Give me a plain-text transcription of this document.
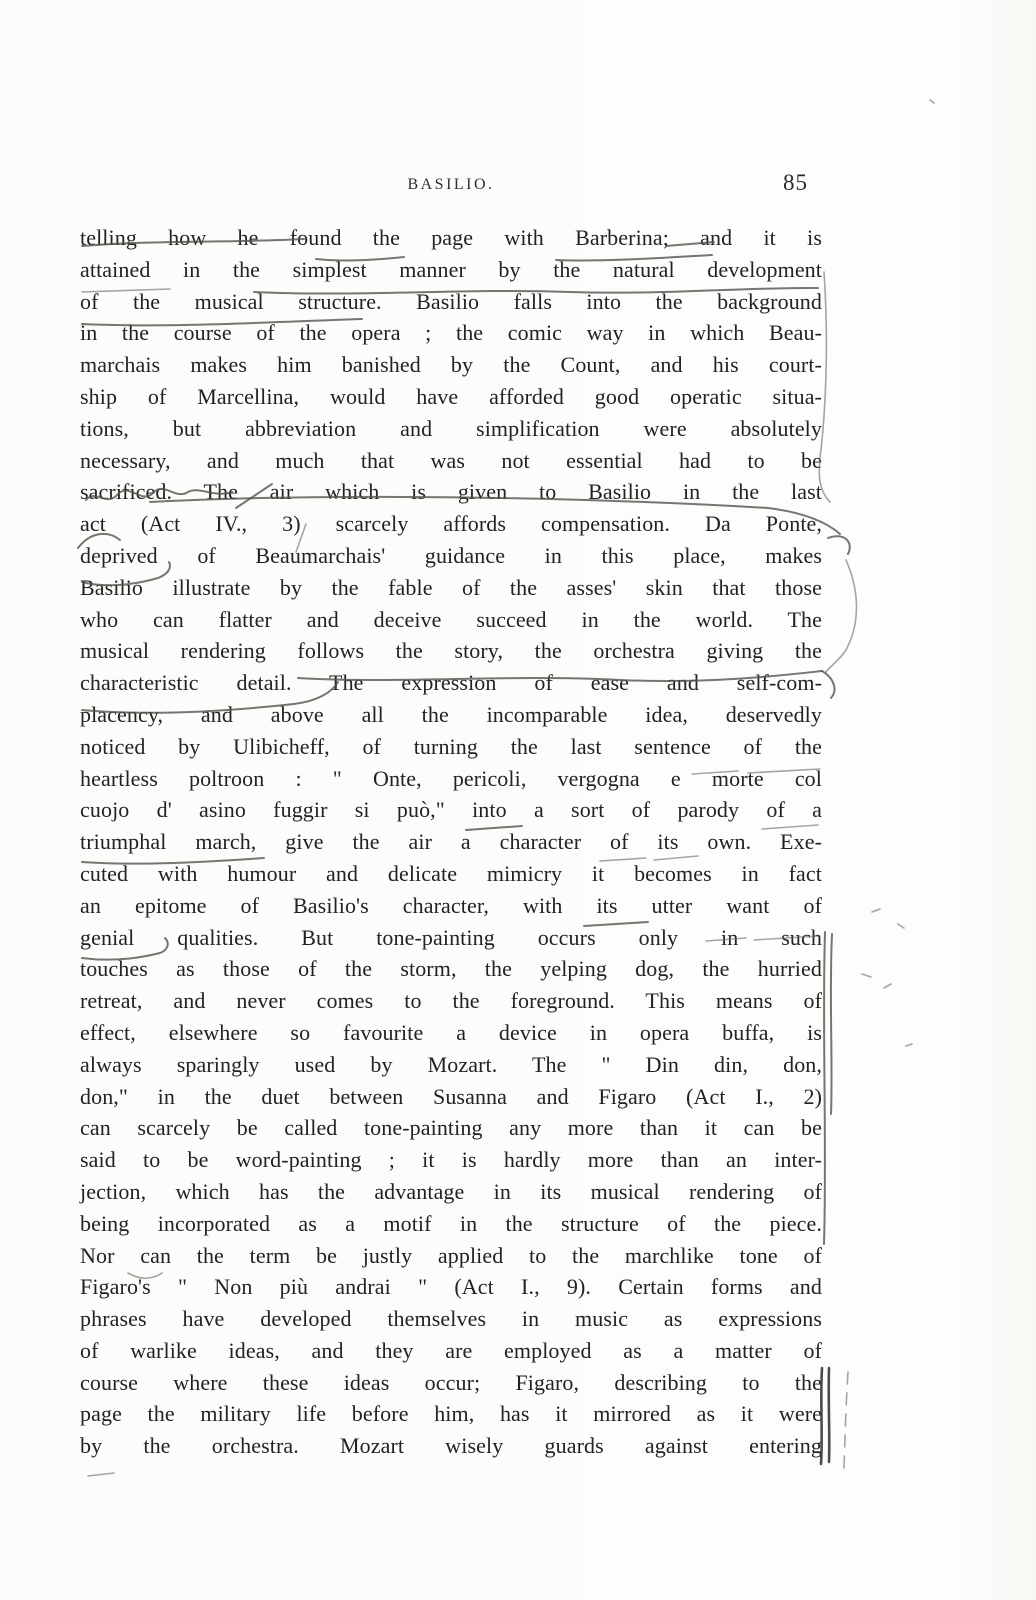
BASILIO.	85
telling how he found the page with Barberina; and it is
attained in the simplest manner by the natural development
of the musical structure. Basilio falls into the background
in the course of the opera ; the comic way in which Beau-
marchais makes him banished by the Count, and his court-
ship of Marcellina, would have afforded good operatic situa-
tions, but abbreviation and simplification were absolutely
necessary, and much that was not essential had to be
sacrificed. The air which is given to Basilio in the last
act (Act IV., 3) scarcely affords compensation. Da Ponte,
deprived of Beaumarchais' guidance in this place, makes
Basilio illustrate by the fable of the asses' skin that those
who can flatter and deceive succeed in the world. The
musical rendering follows the story, the orchestra giving the
characteristic detail. The expression of ease and self-com-
placency, and above all the incomparable idea, deservedly
noticed by Ulibicheff, of turning the last sentence of the
heartless poltroon : " Onte, pericoli, vergogna e morte col
cuojo d' asino fuggir si può," into a sort of parody of a
triumphal march, give the air a character of its own. Exe-
cuted with humour and delicate mimicry it becomes in fact
an epitome of Basilio's character, with its utter want of
genial qualities. But tone-painting occurs only in such
touches as those of the storm, the yelping dog, the hurried
retreat, and never comes to the foreground. This means of
effect, elsewhere so favourite a device in opera buffa, is
always sparingly used by Mozart. The " Din din, don,
don," in the duet between Susanna and Figaro (Act I., 2)
can scarcely be called tone-painting any more than it can be
said to be word-painting ; it is hardly more than an inter-
jection, which has the advantage in its musical rendering of
being incorporated as a motif in the structure of the piece.
Nor can the term be justly applied to the marchlike tone of
Figaro's " Non più andrai " (Act I., 9). Certain forms and
phrases have developed themselves in music as expressions
of warlike ideas, and they are employed as a matter of
course where these ideas occur; Figaro, describing to the
page the military life before him, has it mirrored as it were
by the orchestra. Mozart wisely guards against entering
